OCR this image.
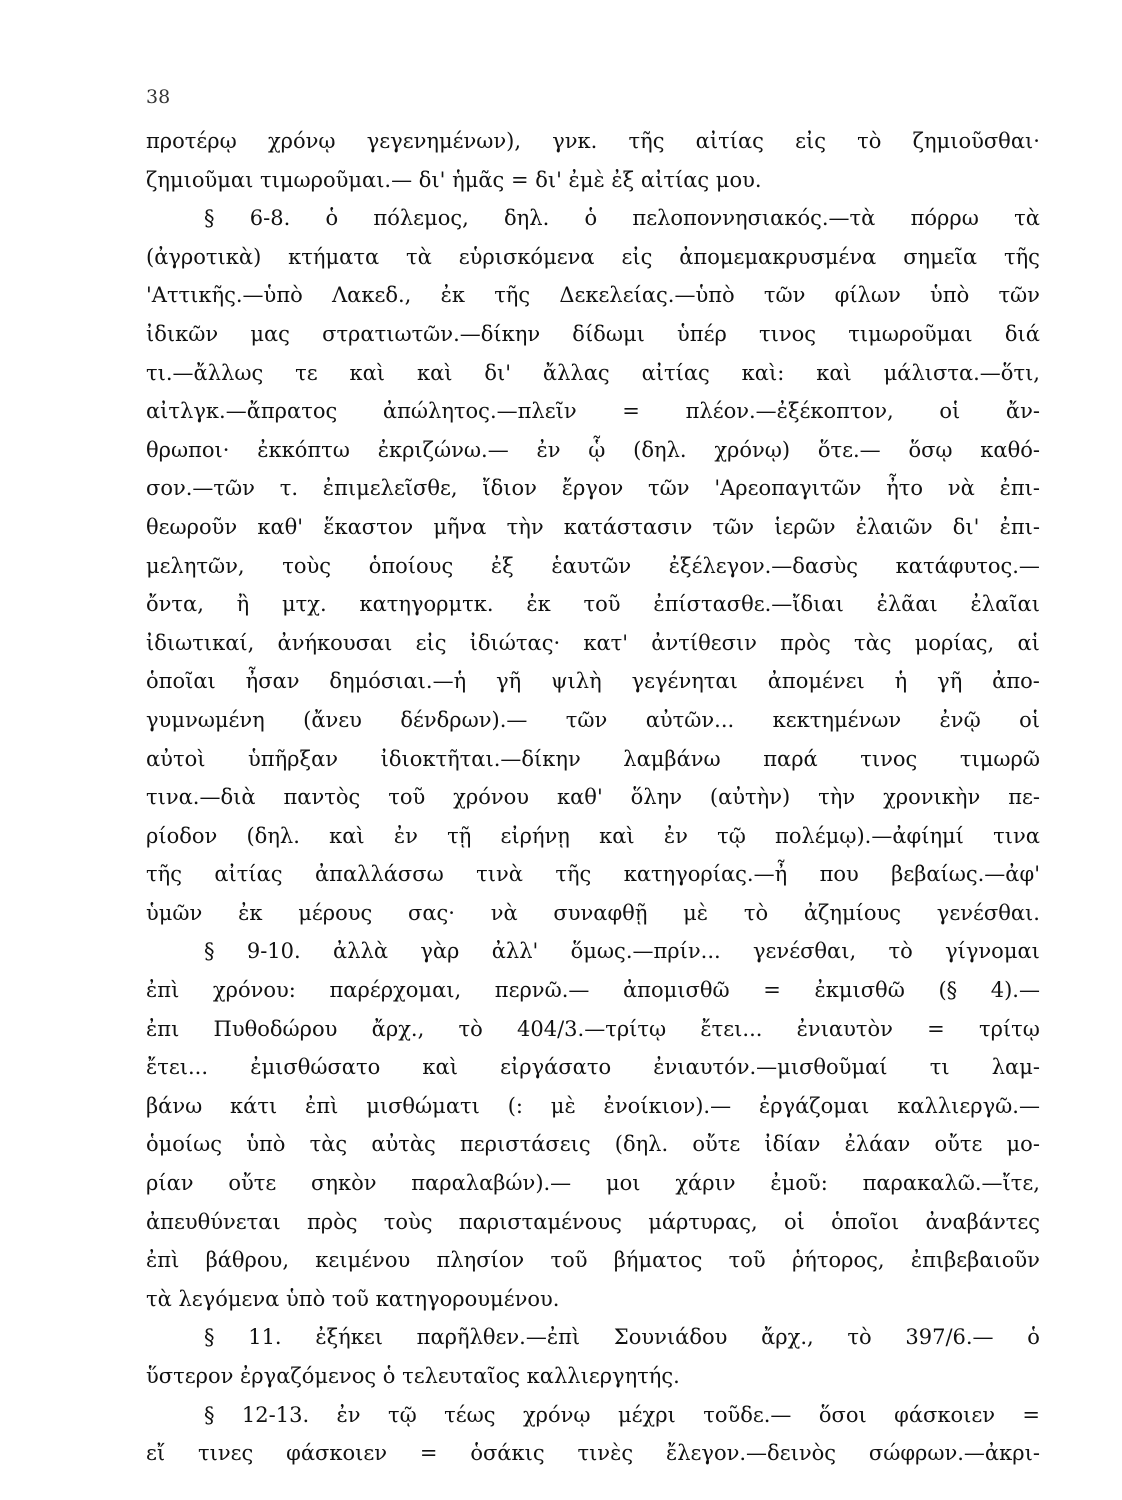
38
προτέρῳ χρόνῳ γεγενημένων), γνκ. τῆς αἰτίας εἰς τὸ ζημιοῦσθαι·
ζημιοῦμαι τιμωροῦμαι.— δι' ἡμᾶς = δι' ἐμὲ ἐξ αἰτίας μου.
§ 6-8. ὁ πόλεμος, δηλ. ὁ πελοποννησιακός.—τὰ πόρρω τὰ
(ἀγροτικὰ) κτήματα τὰ εὑρισκόμενα εἰς ἀπομεμακρυσμένα σημεῖα τῆς
'Αττικῆς.—ὑπὸ Λακεδ., ἐκ τῆς Δεκελείας.—ὑπὸ τῶν φίλων ὑπὸ τῶν
ἰδικῶν μας στρατιωτῶν.—δίκην δίδωμι ὑπέρ τινος τιμωροῦμαι διά
τι.—ἄλλως τε καὶ καὶ δι' ἄλλας αἰτίας καὶ: καὶ μάλιστα.—ὅτι,
αἰτλγκ.—ἄπρατος ἀπώλητος.—πλεῖν = πλέον.—ἐξέκοπτον, οἱ ἄν-
θρωποι· ἐκκόπτω ἐκριζώνω.— ἐν ᾧ (δηλ. χρόνῳ) ὅτε.— ὅσῳ καθό-
σον.—τῶν τ. ἐπιμελεῖσθε, ἴδιον ἔργον τῶν 'Αρεοπαγιτῶν ἦτο νὰ ἐπι-
θεωροῦν καθ' ἕκαστον μῆνα τὴν κατάστασιν τῶν ἱερῶν ἐλαιῶν δι' ἐπι-
μελητῶν, τοὺς ὁποίους ἐξ ἑαυτῶν ἐξέλεγον.—δασὺς κατάφυτος.—
ὄντα, ἢ μτχ. κατηγορμτκ. ἐκ τοῦ ἐπίστασθε.—ἴδιαι ἐλᾶαι ἐλαῖαι
ἰδιωτικαί, ἀνήκουσαι εἰς ἰδιώτας· κατ' ἀντίθεσιν πρὸς τὰς μορίας, αἱ
ὁποῖαι ἦσαν δημόσιαι.—ἡ γῆ ψιλὴ γεγένηται ἀπομένει ἡ γῆ ἀπο-
γυμνωμένη (ἄνευ δένδρων).— τῶν αὐτῶν... κεκτημένων ἐνῷ οἱ
αὐτοὶ ὑπῆρξαν ἰδιοκτῆται.—δίκην λαμβάνω παρά τινος τιμωρῶ
τινα.—διὰ παντὸς τοῦ χρόνου καθ' ὅλην (αὐτὴν) τὴν χρονικὴν πε-
ρίοδον (δηλ. καὶ ἐν τῇ εἰρήνῃ καὶ ἐν τῷ πολέμῳ).—ἀφίημί τινα
τῆς αἰτίας ἀπαλλάσσω τινὰ τῆς κατηγορίας.—ἦ που βεβαίως.—ἀφ'
ὑμῶν ἐκ μέρους σας· νὰ συναφθῇ μὲ τὸ ἀζημίους γενέσθαι.
§ 9-10. ἀλλὰ γὰρ ἀλλ' ὅμως.—πρίν... γενέσθαι, τὸ γίγνομαι
ἐπὶ χρόνου: παρέρχομαι, περνῶ.— ἀπομισθῶ = ἐκμισθῶ (§ 4).—
ἐπι Πυθοδώρου ἄρχ., τὸ 404/3.—τρίτῳ ἔτει... ἐνιαυτὸν = τρίτῳ
ἔτει... ἐμισθώσατο καὶ εἰργάσατο ἐνιαυτόν.—μισθοῦμαί τι λαμ-
βάνω κάτι ἐπὶ μισθώματι (: μὲ ἐνοίκιον).— ἐργάζομαι καλλιεργῶ.—
ὁμοίως ὑπὸ τὰς αὐτὰς περιστάσεις (δηλ. οὔτε ἰδίαν ἐλάαν οὔτε μο-
ρίαν οὔτε σηκὸν παραλαβών).— μοι χάριν ἐμοῦ: παρακαλῶ.—ἴτε,
ἀπευθύνεται πρὸς τοὺς παρισταμένους μάρτυρας, οἱ ὁποῖοι ἀναβάντες
ἐπὶ βάθρου, κειμένου πλησίον τοῦ βήματος τοῦ ῥήτορος, ἐπιβεβαιοῦν
τὰ λεγόμενα ὑπὸ τοῦ κατηγορουμένου.
§ 11. ἐξήκει παρῆλθεν.—ἐπὶ Σουνιάδου ἄρχ., τὸ 397/6.— ὁ
ὕστερον ἐργαζόμενος ὁ τελευταῖος καλλιεργητής.
§ 12-13. ἐν τῷ τέως χρόνῳ μέχρι τοῦδε.— ὅσοι φάσκοιεν =
εἴ τινες φάσκοιεν = ὁσάκις τινὲς ἔλεγον.—δεινὸς σώφρων.—ἀκρι-
